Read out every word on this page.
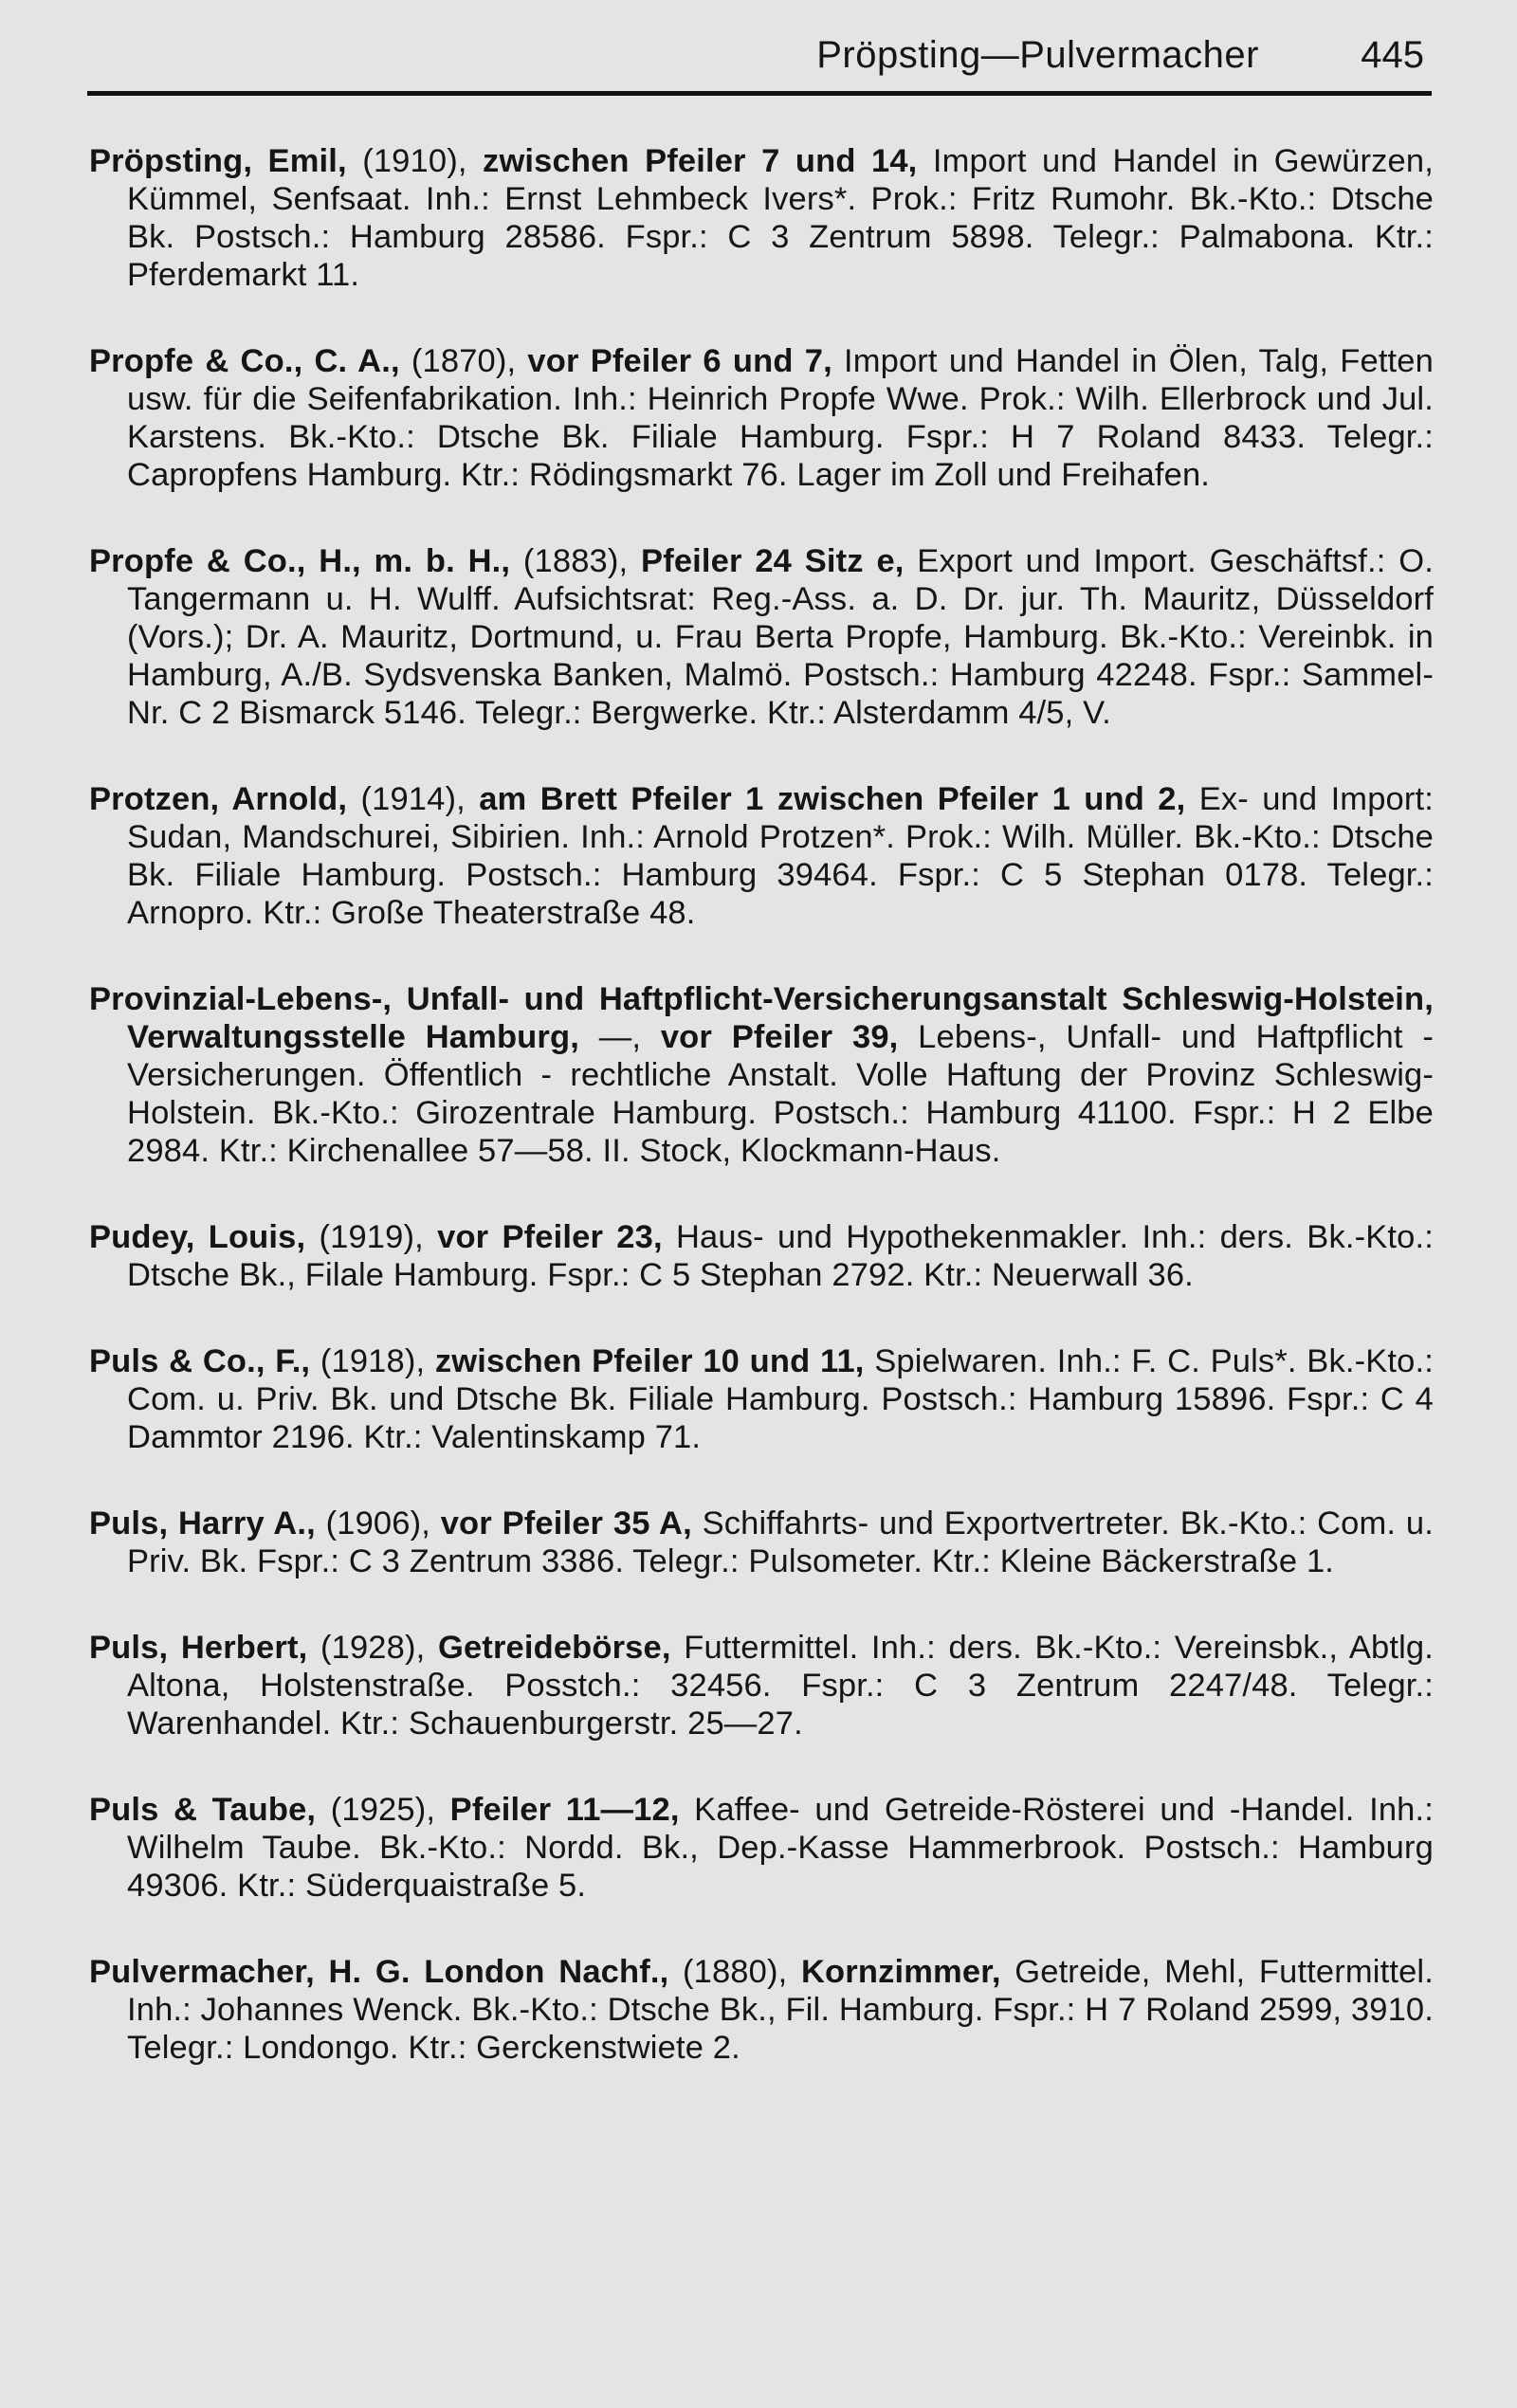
Pröpsting—Pulvermacher	445

Pröpsting, Emil, (1910), zwischen Pfeiler 7 und 14, Import und Handel in Gewürzen, Kümmel, Senfsaat. Inh.: Ernst Lehmbeck Ivers*. Prok.: Fritz Rumohr. Bk.-Kto.: Dtsche Bk. Postsch.: Hamburg 28586. Fspr.: C 3 Zentrum 5898. Telegr.: Palmabona. Ktr.: Pferdemarkt 11.

Propfe & Co., C. A., (1870), vor Pfeiler 6 und 7, Import und Handel in Ölen, Talg, Fetten usw. für die Seifenfabrikation. Inh.: Heinrich Propfe Wwe. Prok.: Wilh. Ellerbrock und Jul. Karstens. Bk.-Kto.: Dtsche Bk. Filiale Hamburg. Fspr.: H 7 Roland 8433. Telegr.: Capropfens Hamburg. Ktr.: Rödingsmarkt 76. Lager im Zoll und Freihafen.

Propfe & Co., H., m. b. H., (1883), Pfeiler 24 Sitz e, Export und Import. Geschäftsf.: O. Tangermann u. H. Wulff. Aufsichtsrat: Reg.-Ass. a. D. Dr. jur. Th. Mauritz, Düsseldorf (Vors.); Dr. A. Mauritz, Dortmund, u. Frau Berta Propfe, Hamburg. Bk.-Kto.: Vereinbk. in Hamburg, A./B. Sydsvenska Banken, Malmö. Postsch.: Hamburg 42248. Fspr.: Sammel-Nr. C 2 Bismarck 5146. Telegr.: Bergwerke. Ktr.: Alsterdamm 4/5, V.

Protzen, Arnold, (1914), am Brett Pfeiler 1 zwischen Pfeiler 1 und 2, Ex- und Import: Sudan, Mandschurei, Sibirien. Inh.: Arnold Protzen*. Prok.: Wilh. Müller. Bk.-Kto.: Dtsche Bk. Filiale Hamburg. Postsch.: Hamburg 39464. Fspr.: C 5 Stephan 0178. Telegr.: Arnopro. Ktr.: Große Theaterstraße 48.

Provinzial-Lebens-, Unfall- und Haftpflicht-Versicherungsanstalt Schleswig-Holstein, Verwaltungsstelle Hamburg, —, vor Pfeiler 39, Lebens-, Unfall- und Haftpflicht - Versicherungen. Öffentlich - rechtliche Anstalt. Volle Haftung der Provinz Schleswig-Holstein. Bk.-Kto.: Girozentrale Hamburg. Postsch.: Hamburg 41100. Fspr.: H 2 Elbe 2984. Ktr.: Kirchenallee 57—58. II. Stock, Klockmann-Haus.

Pudey, Louis, (1919), vor Pfeiler 23, Haus- und Hypothekenmakler. Inh.: ders. Bk.-Kto.: Dtsche Bk., Filale Hamburg. Fspr.: C 5 Stephan 2792. Ktr.: Neuerwall 36.

Puls & Co., F., (1918), zwischen Pfeiler 10 und 11, Spielwaren. Inh.: F. C. Puls*. Bk.-Kto.: Com. u. Priv. Bk. und Dtsche Bk. Filiale Hamburg. Postsch.: Hamburg 15896. Fspr.: C 4 Dammtor 2196. Ktr.: Valentinskamp 71.

Puls, Harry A., (1906), vor Pfeiler 35 A, Schiffahrts- und Exportvertreter. Bk.-Kto.: Com. u. Priv. Bk. Fspr.: C 3 Zentrum 3386. Telegr.: Pulsometer. Ktr.: Kleine Bäckerstraße 1.

Puls, Herbert, (1928), Getreidebörse, Futtermittel. Inh.: ders. Bk.-Kto.: Vereinsbk., Abtlg. Altona, Holstenstraße. Posstch.: 32456. Fspr.: C 3 Zentrum 2247/48. Telegr.: Warenhandel. Ktr.: Schauenburgerstr. 25—27.

Puls & Taube, (1925), Pfeiler 11—12, Kaffee- und Getreide-Rösterei und -Handel. Inh.: Wilhelm Taube. Bk.-Kto.: Nordd. Bk., Dep.-Kasse Hammerbrook. Postsch.: Hamburg 49306. Ktr.: Süderquaistraße 5.

Pulvermacher, H. G. London Nachf., (1880), Kornzimmer, Getreide, Mehl, Futtermittel. Inh.: Johannes Wenck. Bk.-Kto.: Dtsche Bk., Fil. Hamburg. Fspr.: H 7 Roland 2599, 3910. Telegr.: Londongo. Ktr.: Gerckenstwiete 2.
